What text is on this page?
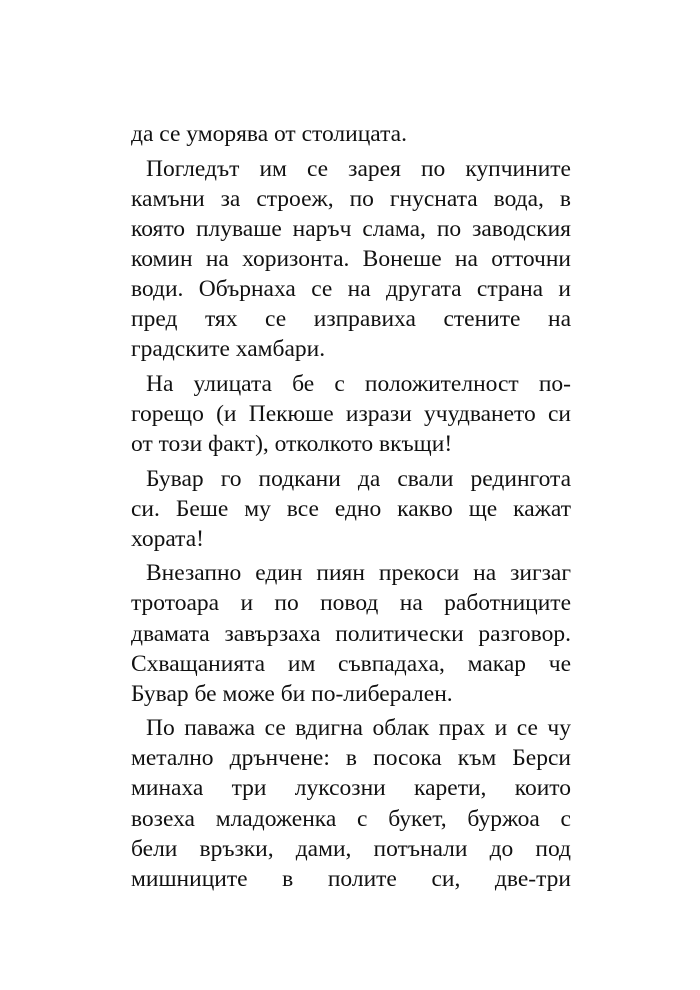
да се уморява от столицата.
Погледът им се зарея по купчините
камъни за строеж, по гнусната вода, в
която плуваше наръч слама, по заводския
комин на хоризонта. Вонеше на отточни
води. Обърнаха се на другата страна и
пред тях се изправиха стените на
градските хамбари.
На улицата бе с положителност по-
горещо (и Пекюше изрази учудването си
от този факт), отколкото вкъщи!
Бувар го подкани да свали редингота
си. Беше му все едно какво ще кажат
хората!
Внезапно един пиян прекоси на зигзаг
тротоара и по повод на работниците
двамата завързаха политически разговор.
Схващанията им съвпадаха, макар че
Бувар бе може би по-либерален.
По паважа се вдигна облак прах и се чу
метално дрънчене: в посока към Берси
минаха три луксозни карети, които
возеха младоженка с букет, буржоа с
бели връзки, дами, потънали до под
мишниците в полите си, две-три
